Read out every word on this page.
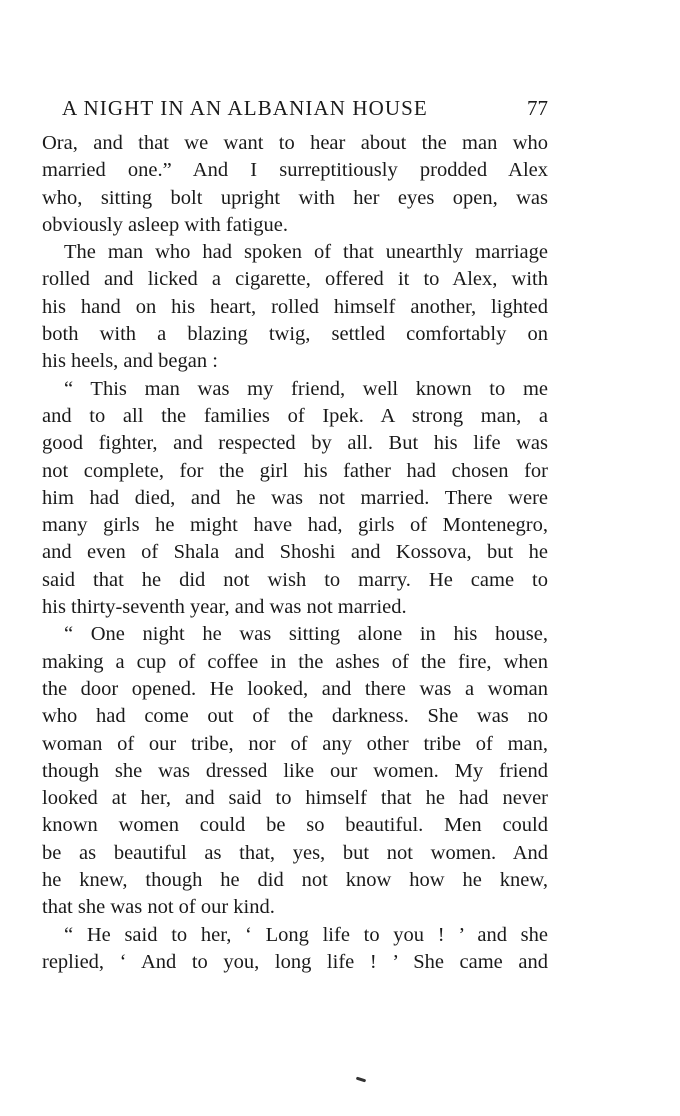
A NIGHT IN AN ALBANIAN HOUSE	77
Ora, and that we want to hear about the man who
married one.” And I surreptitiously prodded Alex
who, sitting bolt upright with her eyes open, was
obviously asleep with fatigue.
The man who had spoken of that unearthly marriage
rolled and licked a cigarette, offered it to Alex, with
his hand on his heart, rolled himself another, lighted
both with a blazing twig, settled comfortably on
his heels, and began :
“ This man was my friend, well known to me
and to all the families of Ipek. A strong man, a
good fighter, and respected by all. But his life was
not complete, for the girl his father had chosen for
him had died, and he was not married. There were
many girls he might have had, girls of Montenegro,
and even of Shala and Shoshi and Kossova, but he
said that he did not wish to marry. He came to
his thirty-seventh year, and was not married.
“ One night he was sitting alone in his house,
making a cup of coffee in the ashes of the fire, when
the door opened. He looked, and there was a woman
who had come out of the darkness. She was no
woman of our tribe, nor of any other tribe of man,
though she was dressed like our women. My friend
looked at her, and said to himself that he had never
known women could be so beautiful. Men could
be as beautiful as that, yes, but not women. And
he knew, though he did not know how he knew,
that she was not of our kind.
“ He said to her, ‘ Long life to you ! ’ and she
replied, ‘ And to you, long life ! ’ She came and
